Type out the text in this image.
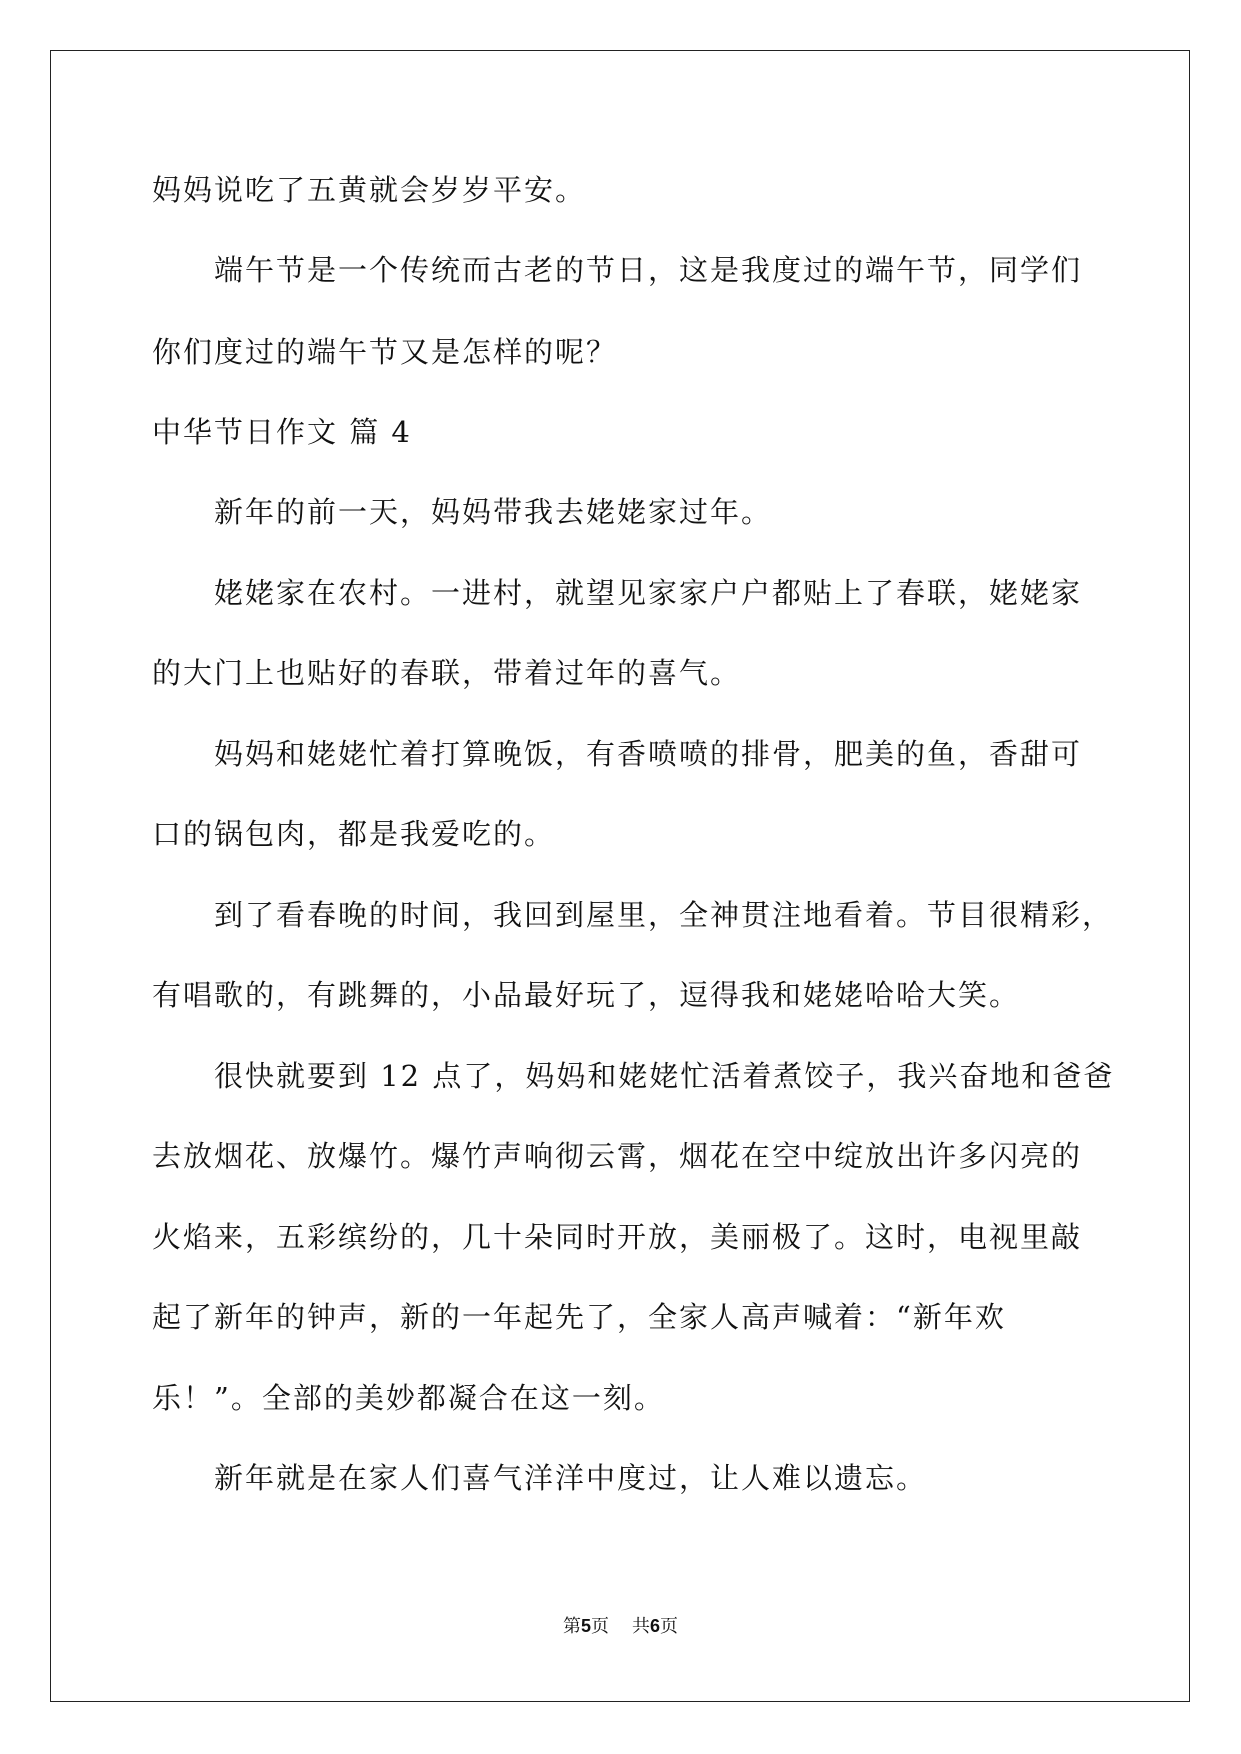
妈妈说吃了五黄就会岁岁平安。
端午节是一个传统而古老的节日，这是我度过的端午节，同学们
你们度过的端午节又是怎样的呢？
中华节日作文 篇 4
新年的前一天，妈妈带我去姥姥家过年。
姥姥家在农村。一进村，就望见家家户户都贴上了春联，姥姥家
的大门上也贴好的春联，带着过年的喜气。
妈妈和姥姥忙着打算晚饭，有香喷喷的排骨，肥美的鱼，香甜可
口的锅包肉，都是我爱吃的。
到了看春晚的时间，我回到屋里，全神贯注地看着。节目很精彩，
有唱歌的，有跳舞的，小品最好玩了，逗得我和姥姥哈哈大笑。
很快就要到 12 点了，妈妈和姥姥忙活着煮饺子，我兴奋地和爸爸
去放烟花、放爆竹。爆竹声响彻云霄，烟花在空中绽放出许多闪亮的
火焰来，五彩缤纷的，几十朵同时开放，美丽极了。这时，电视里敲
起了新年的钟声，新的一年起先了，全家人高声喊着：“新年欢
乐！”。全部的美妙都凝合在这一刻。
新年就是在家人们喜气洋洋中度过，让人难以遗忘。
第5页 共6页
